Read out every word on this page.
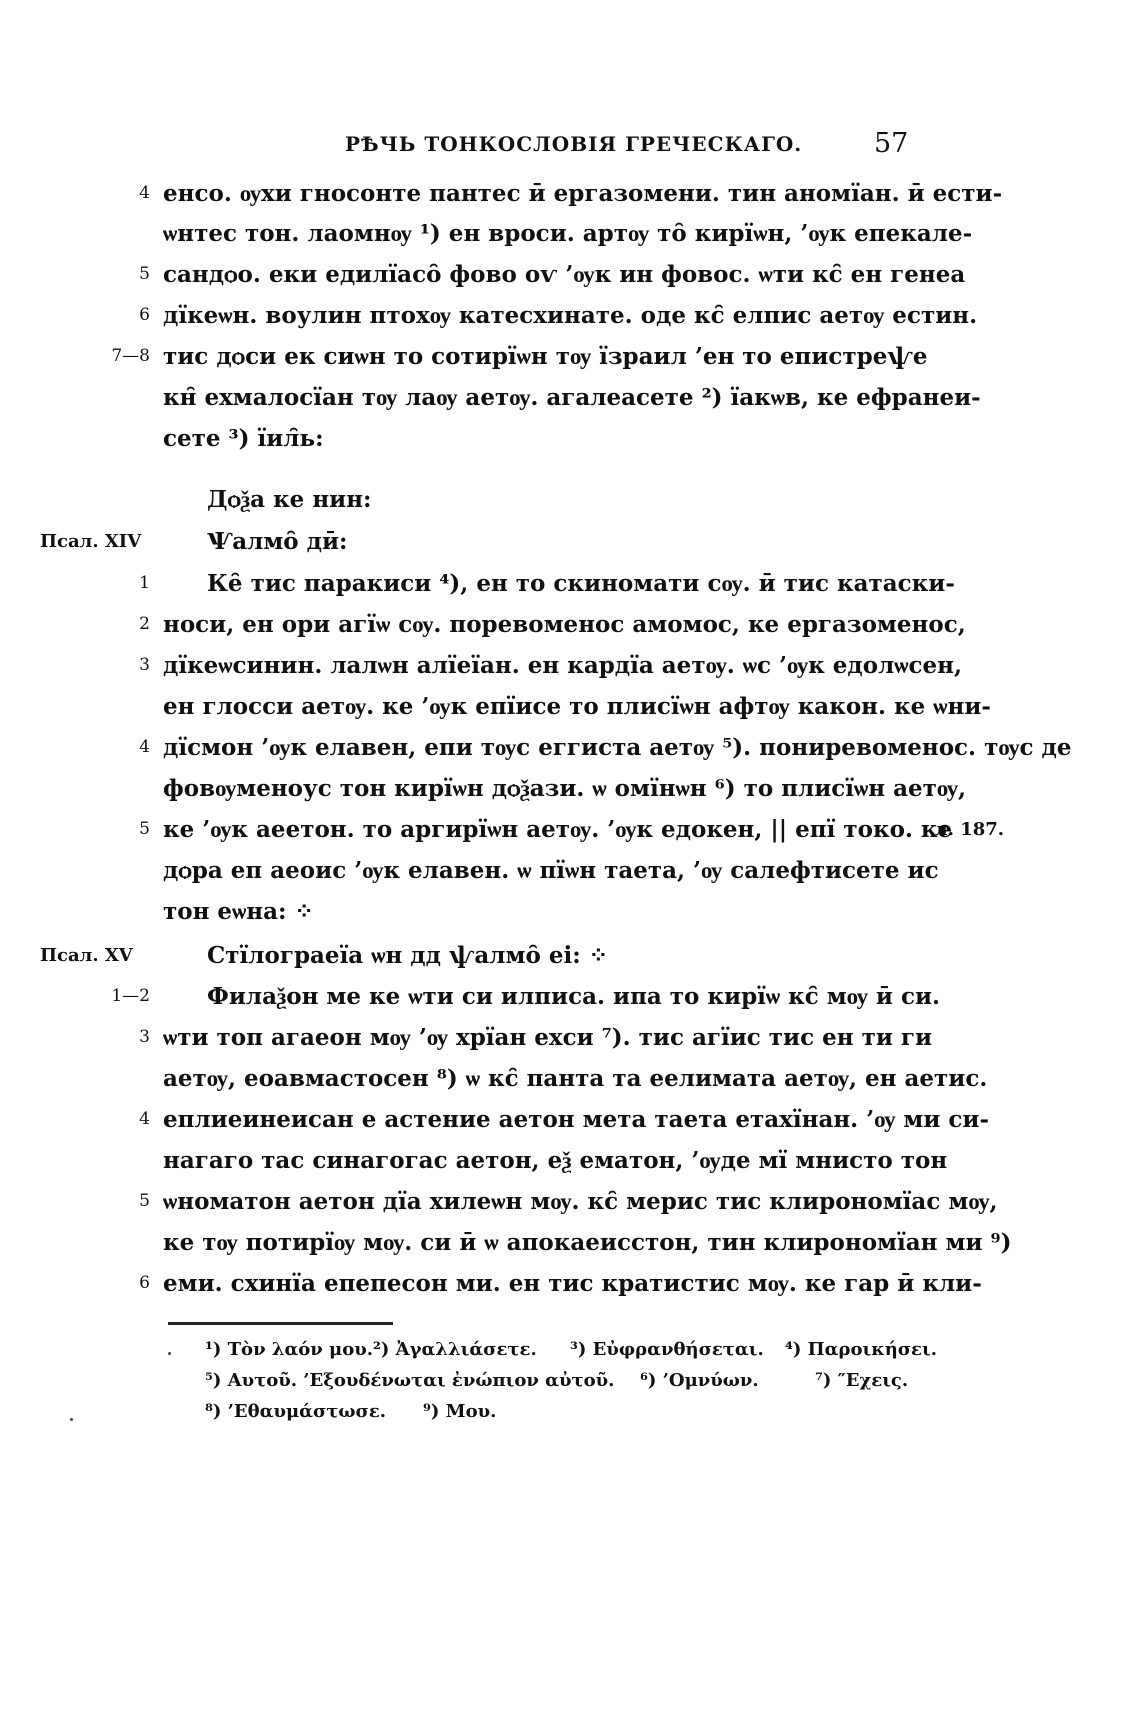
РѢЧЬ ТОНКОСЛОВІЯ ГРЕЧЕСКАГО.	57
4 енсо. ѹхи гносонте пантес ӣ ергазомени. тин аномїан. ӣ ести-
ѡнтес тон. лаомнѹ ¹) ен вроси. артѹ то̑ кирїѡн, ’ѹк епекале-
5 сандѻо. еки едилїасо̑ фово оѵ ’ѹк ин фовос. ѡти кс̑ ен генеа
6 дїкеѡн. воулин птохѹ катесхинате. оде кс̑ елпис аетѹ естин.
7—8 тис дѻси ек сиѡн то сотирїѡн тѹ їзраил ’ен то епистреѱе
кн̑ ехмалосїан тѹ лаѹ аетѹ. агалеасете ²) їакѡв, ке ефранеи-
сете ³) їил̑ь:
Дѻѯа ке нин:
Псал. XIV	Ѱалмо̑ дӣ:
1 Ке̑ тис паракиси ⁴), ен то скиномати сѹ. ӣ тис катаски-
2 носи, ен ори агїѡ сѹ. поревоменос амомос, ке ергазоменос,
3 дїкеѡсинин. лалѡн алїеїан. ен кардїа аетѹ. ѡс ’ѹк едолѡсен,
ен глосси аетѹ. ке ’ѹк епїисе то плисїѡн афтѹ какон. ке ѡни-
4 дїсмон ’ѹк елавен, епи тѹс еггиста аетѹ ⁵). пониревоменос. тѹс де
фовѹменоус тон кирїѡн дѻѯази. ѡ омїнѡн ⁶) то плисїѡн аетѹ,
5 ке ’ѹк аеетон. то аргирїѡн аетѹ. ’ѹк едокен, || епї токо. ке
л. 187.
дѻра еп аеоис ’ѹк елавен. ѡ пїѡн таета, ’ѹ салефтисете ис
тон еѡна: ⁘
Псал. XV	Стїлограеїа ѡн дд ѱалмо̑ еі: ⁘
1—2 Филаѯон ме ке ѡти си илписа. ипа то кирїѡ кс̑ мѹ ӣ си.
3 ѡти топ агаеон мѹ ’ѹ хрїан ехси ⁷). тис агїис тис ен ти ги
аетѹ, еоавмастосен ⁸) ѡ кс̑ панта та еелимата аетѹ, ен аетис.
4 еплиеинеисан е астение аетон мета таета етахїнан. ’ѹ ми си-
нагаго тас синагогас аетон, еѯ ематон, ’ѹде мї мнисто тон
5 ѡноматон аетон дїа хилеѡн мѹ. кс̑ мерис тис клирономїас мѹ,
ке тѹ потирїѹ мѹ. си ӣ ѡ апокаеисстон, тин клирономїан ми ⁹)
6 еми. схинїа епепесон ми. ен тис кратистис мѹ. ке гар ӣ кли-
¹) Τὸν λαόν μου. ²) Ἀγαλλιάσετε. ³) Εὐφρανθήσεται. ⁴) Παροικήσει.
⁵) Αυτοῦ. ’Εξουδένωται ἐνώπιον αὐτοῦ. ⁶) ’Ομνύων.	⁷) ″Εχεις.
⁸) ’Εθαυμάστωσε. ⁹) Μου.
